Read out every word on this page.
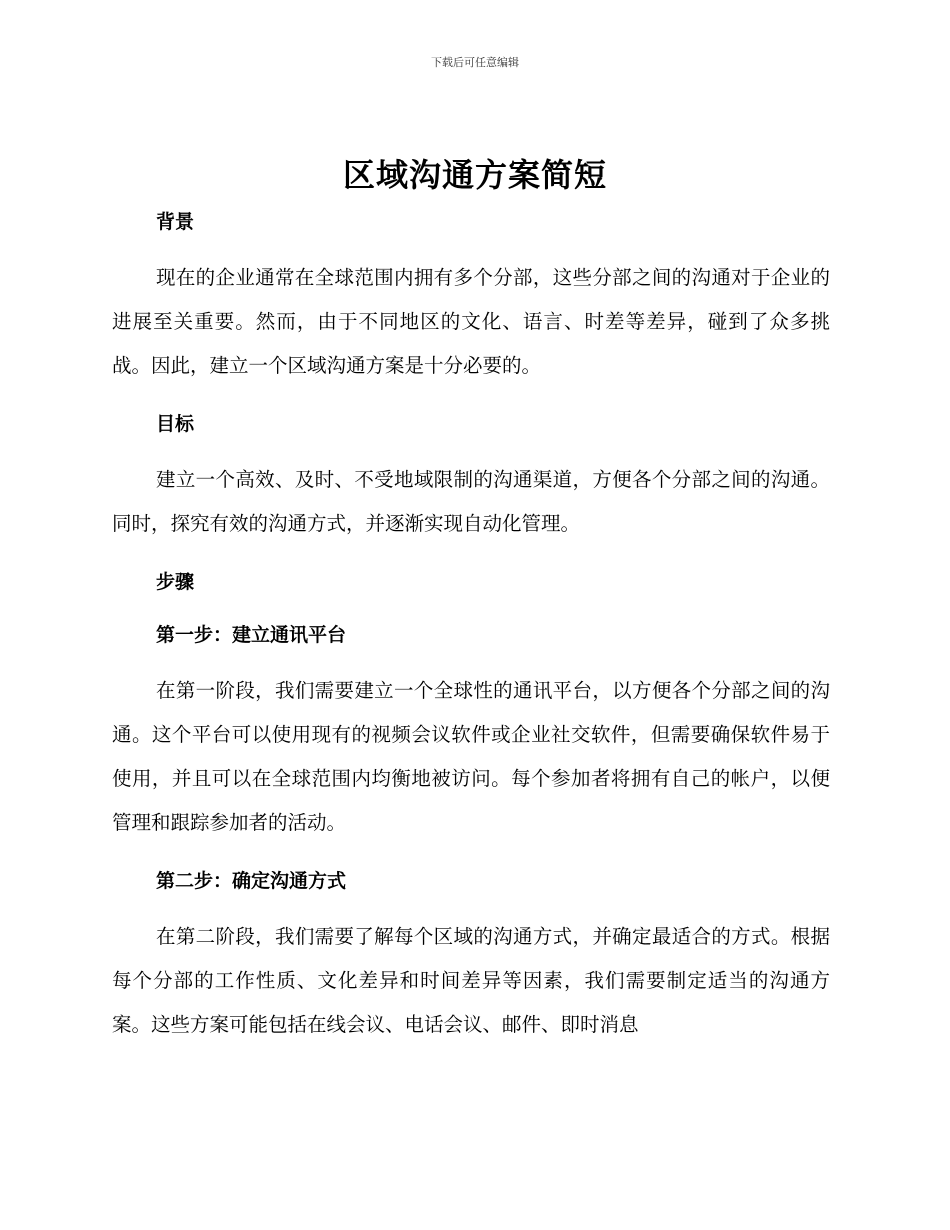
下载后可任意编辑
区域沟通方案简短
背景

现在的企业通常在全球范围内拥有多个分部，这些分部之间的沟通对于企业的进展至关重要。然而，由于不同地区的文化、语言、时差等差异，碰到了众多挑战。因此，建立一个区域沟通方案是十分必要的。

目标

建立一个高效、及时、不受地域限制的沟通渠道，方便各个分部之间的沟通。同时，探究有效的沟通方式，并逐渐实现自动化管理。

步骤
第一步：建立通讯平台

在第一阶段，我们需要建立一个全球性的通讯平台，以方便各个分部之间的沟通。这个平台可以使用现有的视频会议软件或企业社交软件，但需要确保软件易于使用，并且可以在全球范围内均衡地被访问。每个参加者将拥有自己的帐户，以便管理和跟踪参加者的活动。

第二步：确定沟通方式

在第二阶段，我们需要了解每个区域的沟通方式，并确定最适合的方式。根据每个分部的工作性质、文化差异和时间差异等因素，我们需要制定适当的沟通方案。这些方案可能包括在线会议、电话会议、邮件、即时消息
